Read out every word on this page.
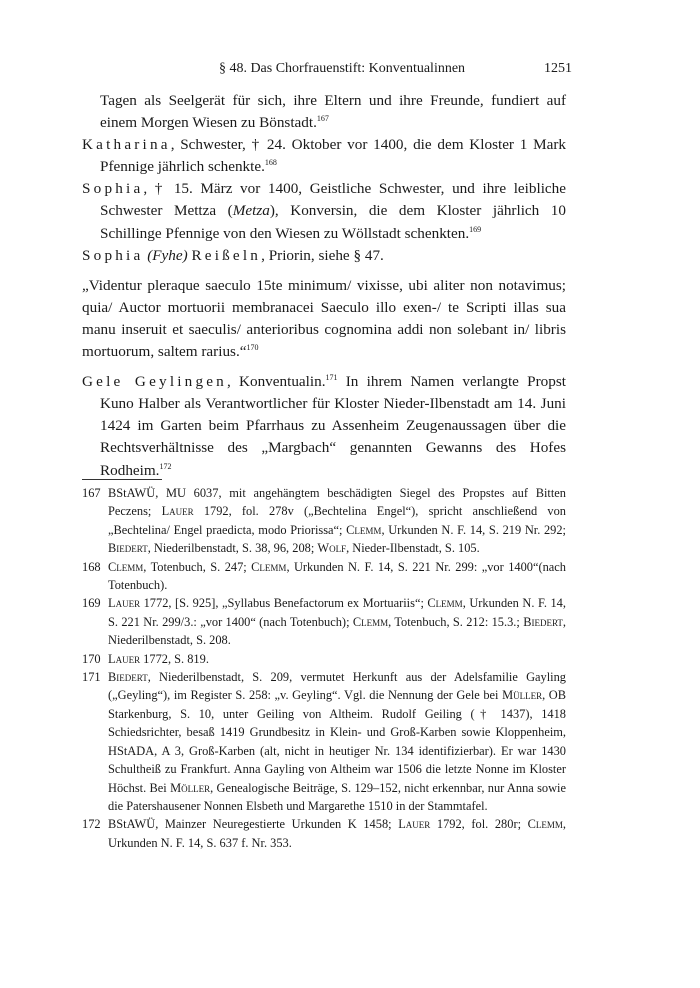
§ 48. Das Chorfrauenstift: Konventualinnen	1251

Tagen als Seelgerät für sich, ihre Eltern und ihre Freunde, fundiert auf einem Morgen Wiesen zu Bönstadt.$^{167}$

Katharina, Schwester, † 24. Oktober vor 1400, die dem Kloster 1 Mark Pfennige jährlich schenkte.$^{168}$

Sophia, † 15. März vor 1400, Geistliche Schwester, und ihre leibliche Schwester Mettza (Metza), Konversin, die dem Kloster jährlich 10 Schillinge Pfennige von den Wiesen zu Wöllstadt schenkten.$^{169}$

Sophia (Fyhe) Reißeln, Priorin, siehe § 47.

„Videntur pleraque saeculo 15te minimum/ vixisse, ubi aliter non notavimus; quia/ Auctor mortuorii membranacei Saeculo illo exen-/ te Scripti illas sua manu inseruit et saeculis/ anterioribus cognomina addi non solebant in/ libris mortuorum, saltem rarius.“$^{170}$

Gele Geylingen, Konventualin.$^{171}$ In ihrem Namen verlangte Propst Kuno Halber als Verantwortlicher für Kloster Nieder-Ilbenstadt am 14. Juni 1424 im Garten beim Pfarrhaus zu Assenheim Zeugenaussagen über die Rechtsverhältnisse des „Margbach“ genannten Gewanns des Hofes Rodheim.$^{172}$

167 BStAWÜ, MU 6037, mit angehängtem beschädigten Siegel des Propstes auf Bitten Peczens; Lauer 1792, fol. 278v („Bechtelina Engel“), spricht anschließend von „Bechtelina/ Engel praedicta, modo Priorissa“; Clemm, Urkunden N. F. 14, S. 219 Nr. 292; Biedert, Niederilbenstadt, S. 38, 96, 208; Wolf, Nieder-Ilbenstadt, S. 105.

168 Clemm, Totenbuch, S. 247; Clemm, Urkunden N. F. 14, S. 221 Nr. 299: „vor 1400“(nach Totenbuch).

169 Lauer 1772, [S. 925], „Syllabus Benefactorum ex Mortuariis“; Clemm, Urkunden N. F. 14, S. 221 Nr. 299/3.: „vor 1400“ (nach Totenbuch); Clemm, Totenbuch, S. 212: 15.3.; Biedert, Niederilbenstadt, S. 208.

170 Lauer 1772, S. 819.

171 Biedert, Niederilbenstadt, S. 209, vermutet Herkunft aus der Adelsfamilie Gayling („Geyling“), im Register S. 258: „v. Geyling“. Vgl. die Nennung der Gele bei Müller, OB Starkenburg, S. 10, unter Geiling von Altheim. Rudolf Geiling († 1437), 1418 Schiedsrichter, besaß 1419 Grundbesitz in Klein- und Groß-Karben sowie Kloppenheim, HStADA, A 3, Groß-Karben (alt, nicht in heutiger Nr. 134 identifizierbar). Er war 1430 Schultheiß zu Frankfurt. Anna Gayling von Altheim war 1506 die letzte Nonne im Kloster Höchst. Bei Möller, Genealogische Beiträge, S. 129–152, nicht erkennbar, nur Anna sowie die Patershausener Nonnen Elsbeth und Margarethe 1510 in der Stammtafel.

172 BStAWÜ, Mainzer Neuregestierte Urkunden K 1458; Lauer 1792, fol. 280r; Clemm, Urkunden N. F. 14, S. 637 f. Nr. 353.
